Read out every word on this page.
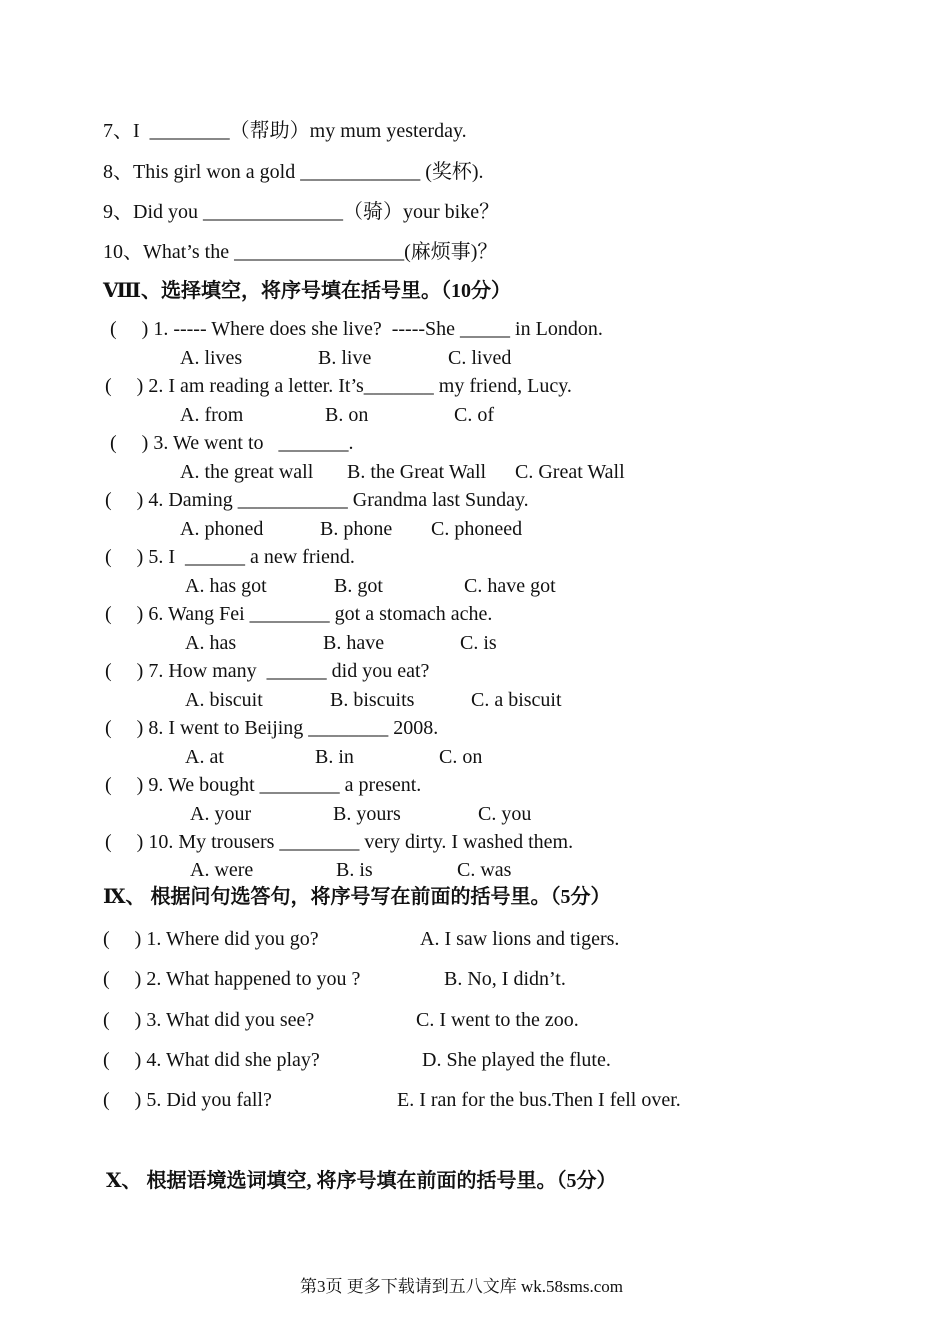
7、I  ________（帮助）my mum yesterday.
8、This girl won a gold ____________ (奖杯).
9、Did you ______________（骑）your bike？
10、What’s the _________________(麻烦事)？
Ⅷ、选择填空，将序号填在括号里。（10分）
(     ) 1. ----- Where does she live?  -----She _____ in London.
A. lives	B. live	C. lived
(     ) 2. I am reading a letter. It’s_______ my friend, Lucy.
A. from	B. on	C. of
(     ) 3. We went to   _______.
A. the great wall B. the Great Wall C. Great Wall
(     ) 4. Daming ___________ Grandma last Sunday.
A. phoned	B. phone C. phoneed
(     ) 5. I  ______ a new friend.
A. has got	B. got	C. have got
(     ) 6. Wang Fei ________ got a stomach ache.
A. has	B. have	C. is
(     ) 7. How many  ______ did you eat?
A. biscuit	B. biscuits	C. a biscuit
(     ) 8. I went to Beijing ________ 2008.
A. at	B. in	C. on
(     ) 9. We bought ________ a present.
A. your	B. yours	C. you
(     ) 10. My trousers ________ very dirty. I washed them.
A. were	B. is	C. was
Ⅸ、 根据问句选答句，将序号写在前面的括号里。（5分）
(     ) 1. Where did you go?	A. I saw lions and tigers.
(     ) 2. What happened to you ?	B. No, I didn’t.
(     ) 3. What did you see?	C. I went to the zoo.
(     ) 4. What did she play?	D. She played the flute.
(     ) 5. Did you fall?	E. I ran for the bus.Then I fell over.
Ⅹ、 根据语境选词填空, 将序号填在前面的括号里。（5分）
第3页 更多下载请到五八文库 wk.58sms.com
